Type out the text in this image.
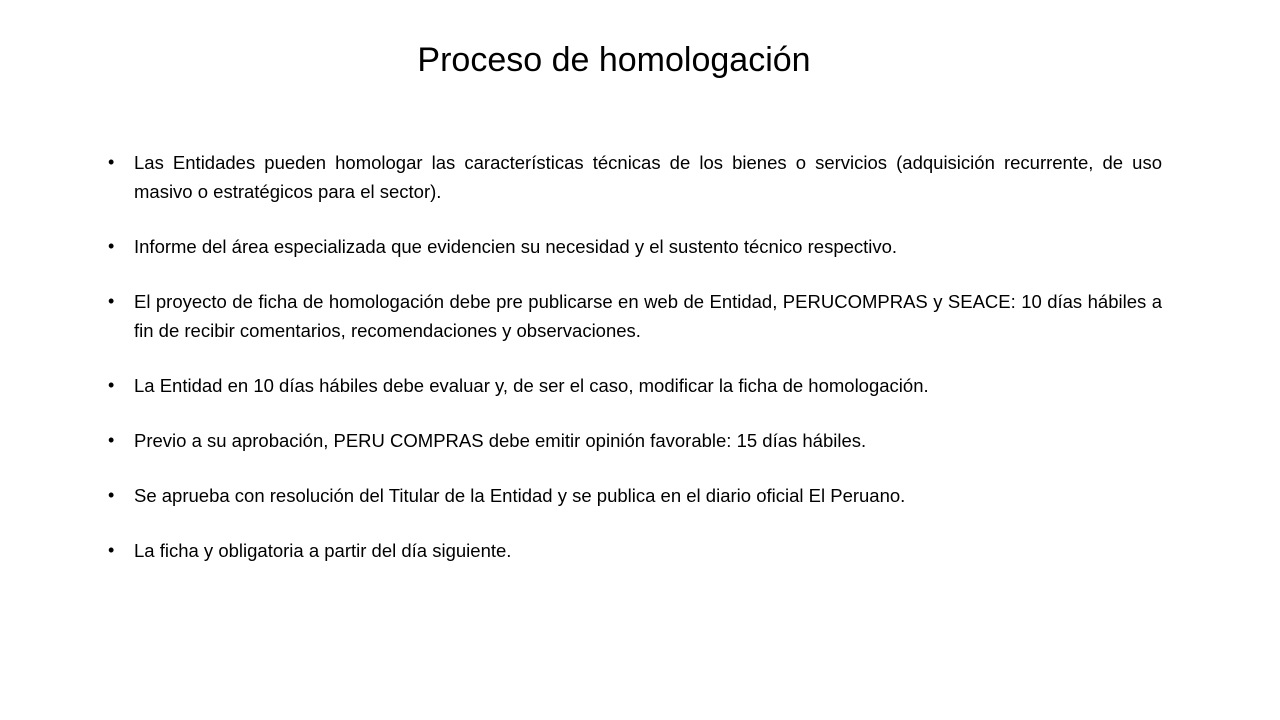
Proceso de homologación
•	Las Entidades pueden homologar las características técnicas de los bienes o servicios (adquisición recurrente, de uso masivo o estratégicos para el sector).
•	Informe del área especializada que evidencien su necesidad y el sustento técnico respectivo.
•	El proyecto de ficha de homologación debe pre publicarse en web de Entidad, PERUCOMPRAS y SEACE: 10 días hábiles a fin de recibir comentarios, recomendaciones y observaciones.
•	La Entidad en 10 días hábiles debe evaluar y, de ser el caso, modificar la ficha de homologación.
•	Previo a su aprobación, PERU COMPRAS debe emitir opinión favorable: 15 días hábiles.
•	Se aprueba con resolución del Titular de la Entidad y se publica en el diario oficial El Peruano.
•	La ficha y obligatoria a partir del día siguiente.
